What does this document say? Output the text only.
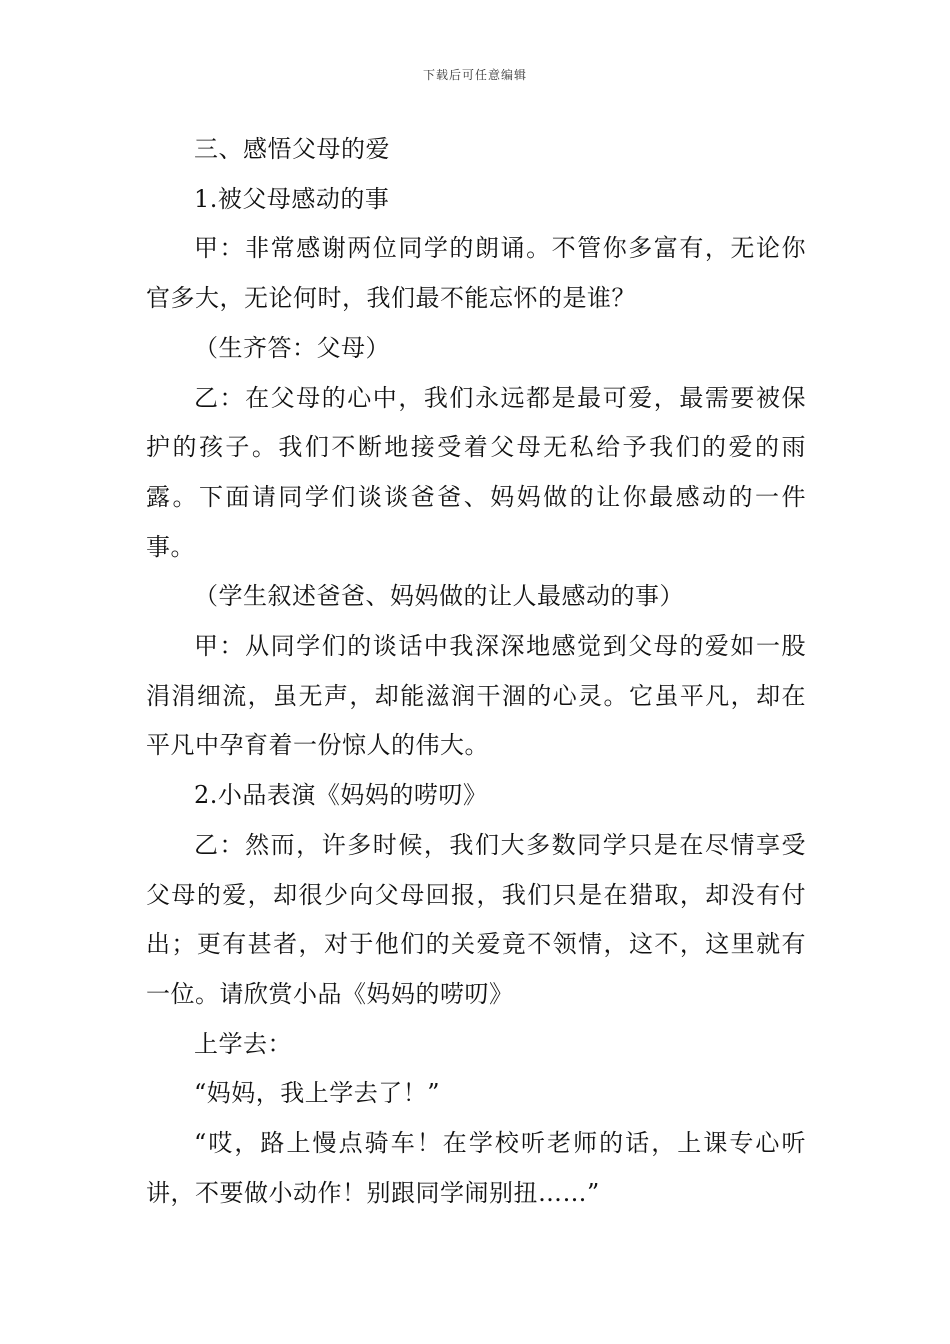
下载后可任意编辑

三、感悟父母的爱

1.被父母感动的事

甲：非常感谢两位同学的朗诵。不管你多富有，无论你官多大，无论何时，我们最不能忘怀的是谁？

（生齐答：父母）

乙：在父母的心中，我们永远都是最可爱，最需要被保护的孩子。我们不断地接受着父母无私给予我们的爱的雨露。下面请同学们谈谈爸爸、妈妈做的让你最感动的一件事。

（学生叙述爸爸、妈妈做的让人最感动的事）

甲：从同学们的谈话中我深深地感觉到父母的爱如一股涓涓细流，虽无声，却能滋润干涸的心灵。它虽平凡，却在平凡中孕育着一份惊人的伟大。

2.小品表演《妈妈的唠叨》

乙：然而，许多时候，我们大多数同学只是在尽情享受父母的爱，却很少向父母回报，我们只是在猎取，却没有付出；更有甚者，对于他们的关爱竟不领情，这不，这里就有一位。请欣赏小品《妈妈的唠叨》

上学去：

“妈妈，我上学去了！”

“哎，路上慢点骑车！在学校听老师的话，上课专心听讲，不要做小动作！别跟同学闹别扭……”
